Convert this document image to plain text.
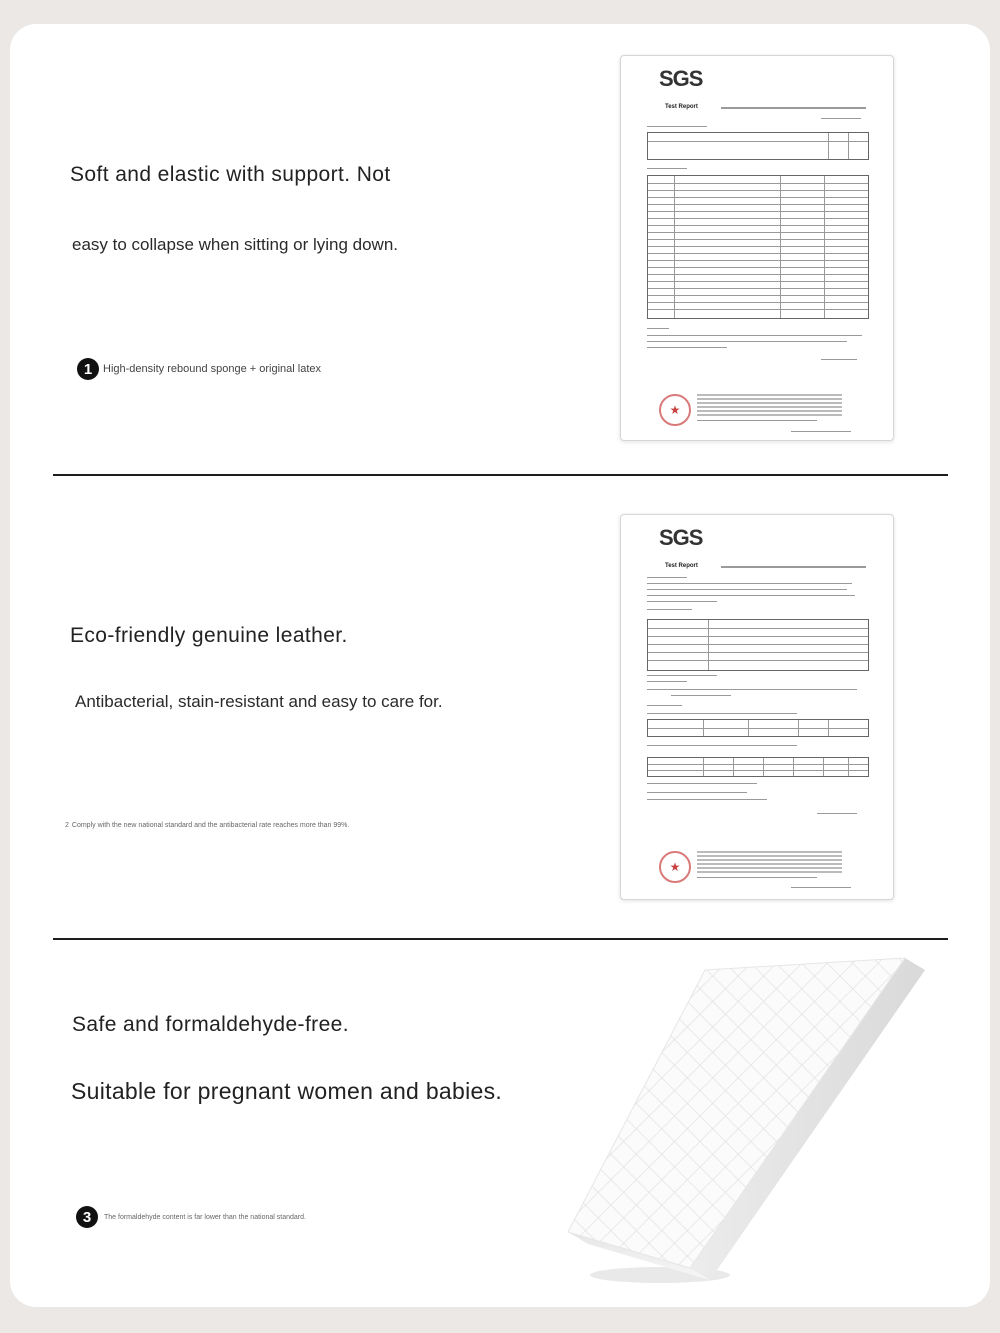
Soft and elastic with support. Not
easy to collapse when sitting or lying down.
1 High-density rebound sponge + original latex
SGS
Test Report
★
Eco-friendly genuine leather.
Antibacterial, stain-resistant and easy to care for.
2 Comply with the new national standard and the antibacterial rate reaches more than 99%.
SGS
Test Report
★
Safe and formaldehyde-free.
Suitable for pregnant women and babies.
3	The formaldehyde content is far lower than the national standard.
